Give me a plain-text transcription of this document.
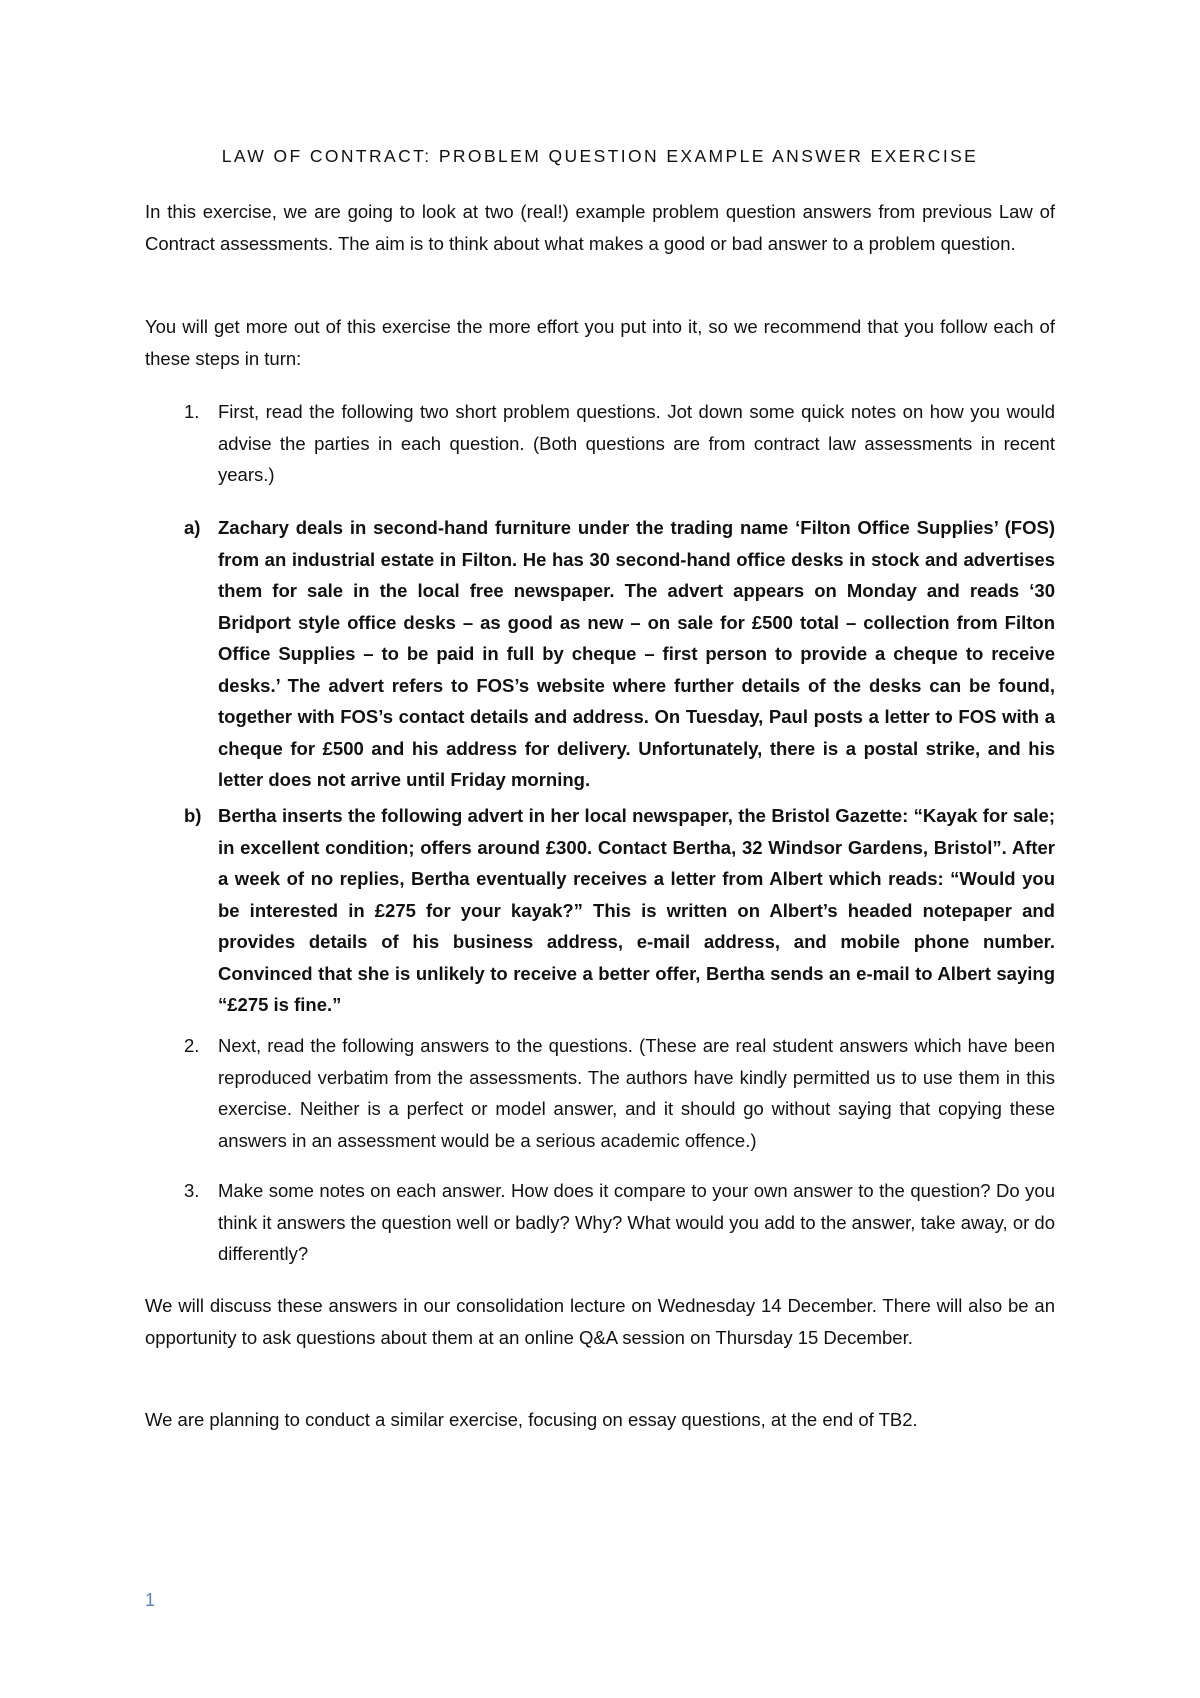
LAW OF CONTRACT: PROBLEM QUESTION EXAMPLE ANSWER EXERCISE

In this exercise, we are going to look at two (real!) example problem question answers from previous Law of Contract assessments. The aim is to think about what makes a good or bad answer to a problem question.

You will get more out of this exercise the more effort you put into it, so we recommend that you follow each of these steps in turn:

1. First, read the following two short problem questions. Jot down some quick notes on how you would advise the parties in each question. (Both questions are from contract law assessments in recent years.)
a) Zachary deals in second-hand furniture under the trading name ‘Filton Office Supplies’ (FOS) from an industrial estate in Filton. He has 30 second-hand office desks in stock and advertises them for sale in the local free newspaper. The advert appears on Monday and reads ‘30 Bridport style office desks – as good as new – on sale for £500 total – collection from Filton Office Supplies – to be paid in full by cheque – first person to provide a cheque to receive desks.’ The advert refers to FOS’s website where further details of the desks can be found, together with FOS’s contact details and address. On Tuesday, Paul posts a letter to FOS with a cheque for £500 and his address for delivery. Unfortunately, there is a postal strike, and his letter does not arrive until Friday morning.
b) Bertha inserts the following advert in her local newspaper, the Bristol Gazette: “Kayak for sale; in excellent condition; offers around £300. Contact Bertha, 32 Windsor Gardens, Bristol”. After a week of no replies, Bertha eventually receives a letter from Albert which reads: “Would you be interested in £275 for your kayak?” This is written on Albert’s headed notepaper and provides details of his business address, e-mail address, and mobile phone number. Convinced that she is unlikely to receive a better offer, Bertha sends an e-mail to Albert saying “£275 is fine.”
2. Next, read the following answers to the questions. (These are real student answers which have been reproduced verbatim from the assessments. The authors have kindly permitted us to use them in this exercise. Neither is a perfect or model answer, and it should go without saying that copying these answers in an assessment would be a serious academic offence.)
3. Make some notes on each answer. How does it compare to your own answer to the question? Do you think it answers the question well or badly? Why? What would you add to the answer, take away, or do differently?

We will discuss these answers in our consolidation lecture on Wednesday 14 December. There will also be an opportunity to ask questions about them at an online Q&A session on Thursday 15 December.

We are planning to conduct a similar exercise, focusing on essay questions, at the end of TB2.

1
